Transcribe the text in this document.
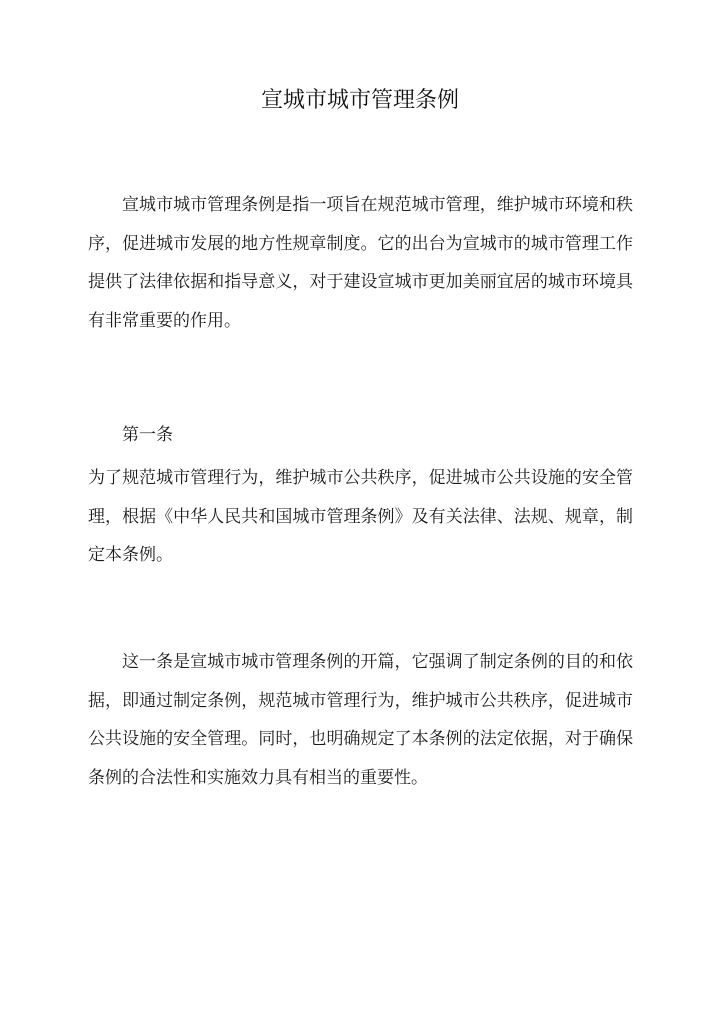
宣城市城市管理条例

宣城市城市管理条例是指一项旨在规范城市管理，维护城市环境和秩序，促进城市发展的地方性规章制度。它的出台为宣城市的城市管理工作提供了法律依据和指导意义，对于建设宣城市更加美丽宜居的城市环境具有非常重要的作用。

第一条

为了规范城市管理行为，维护城市公共秩序，促进城市公共设施的安全管理，根据《中华人民共和国城市管理条例》及有关法律、法规、规章，制定本条例。

这一条是宣城市城市管理条例的开篇，它强调了制定条例的目的和依据，即通过制定条例，规范城市管理行为，维护城市公共秩序，促进城市公共设施的安全管理。同时，也明确规定了本条例的法定依据，对于确保条例的合法性和实施效力具有相当的重要性。
